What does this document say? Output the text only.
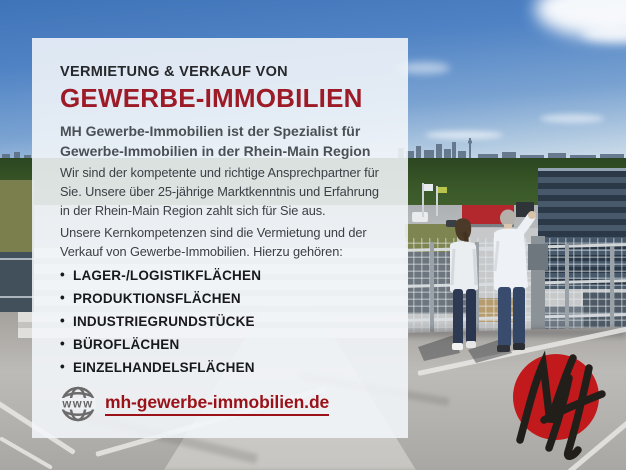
VERMIETUNG & VERKAUF VON
GEWERBE-IMMOBILIEN
MH Gewerbe-Immobilien ist der Spezialist für
Gewerbe-Immobilien in der Rhein-Main Region
Wir sind der kompetente und richtige Ansprechpartner für
Sie. Unsere über 25-jährige Marktkenntnis und Erfahrung
in der Rhein-Main Region zahlt sich für Sie aus.
Unsere Kernkompetenzen sind die Vermietung und der
Verkauf von Gewerbe-Immobilien. Hierzu gehören:
• LAGER-/LOGISTIKFLÄCHEN
• PRODUKTIONSFLÄCHEN
• INDUSTRIEGRUNDSTÜCKE
• BÜROFLÄCHEN
• EINZELHANDELSFLÄCHEN
www mh-gewerbe-immobilien.de
